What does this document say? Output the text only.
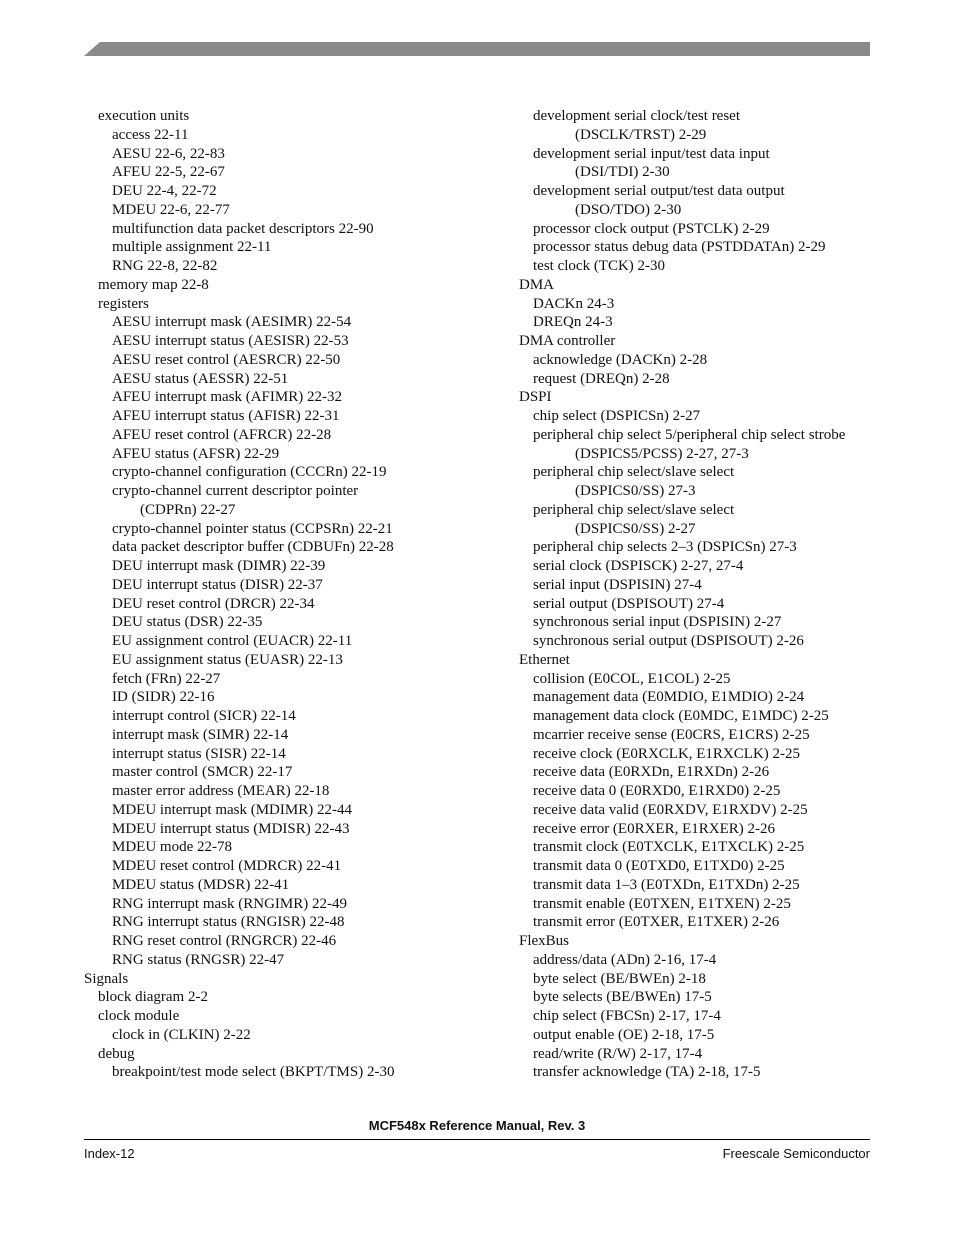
execution units
access 22-11
AESU 22-6, 22-83
AFEU 22-5, 22-67
DEU 22-4, 22-72
MDEU 22-6, 22-77
multifunction data packet descriptors 22-90
multiple assignment 22-11
RNG 22-8, 22-82
memory map 22-8
registers
AESU interrupt mask (AESIMR) 22-54
AESU interrupt status (AESISR) 22-53
AESU reset control (AESRCR) 22-50
AESU status (AESSR) 22-51
AFEU interrupt mask (AFIMR) 22-32
AFEU interrupt status (AFISR) 22-31
AFEU reset control (AFRCR) 22-28
AFEU status (AFSR) 22-29
crypto-channel configuration (CCCRn) 22-19
crypto-channel current descriptor pointer
(CDPRn) 22-27
crypto-channel pointer status (CCPSRn) 22-21
data packet descriptor buffer (CDBUFn) 22-28
DEU interrupt mask (DIMR) 22-39
DEU interrupt status (DISR) 22-37
DEU reset control (DRCR) 22-34
DEU status (DSR) 22-35
EU assignment control (EUACR) 22-11
EU assignment status (EUASR) 22-13
fetch (FRn) 22-27
ID (SIDR) 22-16
interrupt control (SICR) 22-14
interrupt mask (SIMR) 22-14
interrupt status (SISR) 22-14
master control (SMCR) 22-17
master error address (MEAR) 22-18
MDEU interrupt mask (MDIMR) 22-44
MDEU interrupt status (MDISR) 22-43
MDEU mode 22-78
MDEU reset control (MDRCR) 22-41
MDEU status (MDSR) 22-41
RNG interrupt mask (RNGIMR) 22-49
RNG interrupt status (RNGISR) 22-48
RNG reset control (RNGRCR) 22-46
RNG status (RNGSR) 22-47
Signals
block diagram 2-2
clock module
clock in (CLKIN) 2-22
debug
breakpoint/test mode select (BKPT/TMS) 2-30
development serial clock/test reset
(DSCLK/TRST) 2-29
development serial input/test data input
(DSI/TDI) 2-30
development serial output/test data output
(DSO/TDO) 2-30
processor clock output (PSTCLK) 2-29
processor status debug data (PSTDDATAn) 2-29
test clock (TCK) 2-30
DMA
DACKn 24-3
DREQn 24-3
DMA controller
acknowledge (DACKn) 2-28
request (DREQn) 2-28
DSPI
chip select (DSPICSn) 2-27
peripheral chip select 5/peripheral chip select strobe
(DSPICS5/PCSS) 2-27, 27-3
peripheral chip select/slave select
(DSPICS0/SS) 27-3
peripheral chip select/slave select
(DSPICS0/SS) 2-27
peripheral chip selects 2–3 (DSPICSn) 27-3
serial clock (DSPISCK) 2-27, 27-4
serial input (DSPISIN) 27-4
serial output (DSPISOUT) 27-4
synchronous serial input (DSPISIN) 2-27
synchronous serial output (DSPISOUT) 2-26
Ethernet
collision (E0COL, E1COL) 2-25
management data (E0MDIO, E1MDIO) 2-24
management data clock (E0MDC, E1MDC) 2-25
mcarrier receive sense (E0CRS, E1CRS) 2-25
receive clock (E0RXCLK, E1RXCLK) 2-25
receive data (E0RXDn, E1RXDn) 2-26
receive data 0 (E0RXD0, E1RXD0) 2-25
receive data valid (E0RXDV, E1RXDV) 2-25
receive error (E0RXER, E1RXER) 2-26
transmit clock (E0TXCLK, E1TXCLK) 2-25
transmit data 0 (E0TXD0, E1TXD0) 2-25
transmit data 1–3 (E0TXDn, E1TXDn) 2-25
transmit enable (E0TXEN, E1TXEN) 2-25
transmit error (E0TXER, E1TXER) 2-26
FlexBus
address/data (ADn) 2-16, 17-4
byte select (BE/BWEn) 2-18
byte selects (BE/BWEn) 17-5
chip select (FBCSn) 2-17, 17-4
output enable (OE) 2-18, 17-5
read/write (R/W) 2-17, 17-4
transfer acknowledge (TA) 2-18, 17-5
MCF548x Reference Manual, Rev. 3
Index-12	Freescale Semiconductor
